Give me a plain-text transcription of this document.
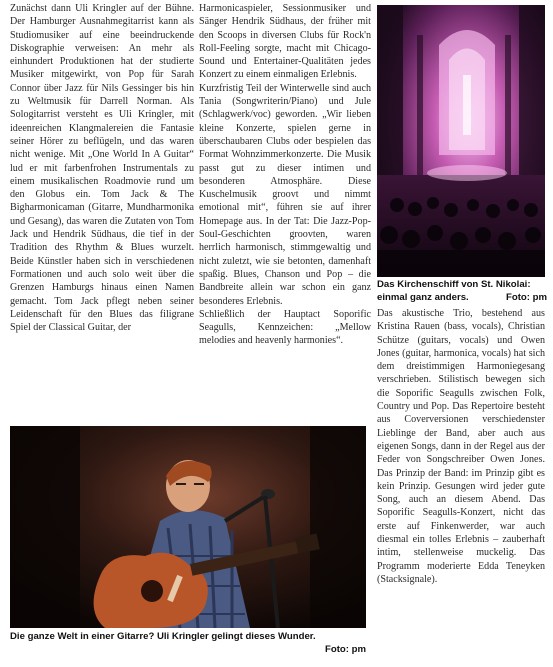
Zunächst dann Uli Kringler auf der Bühne. Der Hamburger Ausnahmegitarrist kann als Studiomusiker auf eine beeindruckende Diskographie verweisen: An mehr als einhundert Produktionen hat der studierte Musiker mitgewirkt, von Pop für Sarah Connor über Jazz für Nils Gessinger bis hin zu Weltmusik für Darrell Norman. Als Sologitarrist versteht es Uli Kringler, mit ideenreichen Klangmalereien die Fantasie seiner Hörer zu beflügeln, und das waren nicht wenige. Mit „One World In A Guitar“ lud er mit farbenfrohen Instrumentals zu einem musikalischen Roadmovie rund um den Globus ein. Tom Jack & The Bigharmonicaman (Gitarre, Mundharmonika und Gesang), das waren die Zutaten von Tom Jack und Hendrik Südhaus, die tief in der Tradition des Rhythm & Blues wurzelt. Beide Künstler haben sich in verschiedenen Formationen und auch solo weit über die Grenzen Hamburgs hinaus einen Namen gemacht. Tom Jack pflegt neben seiner Leidenschaft für den Blues das filigrane Spiel der Classical Guitar, der

Harmonicaspieler, Sessionmusiker und Sänger Hendrik Südhaus, der früher mit den Scoops in diversen Clubs für Rock'n Roll-Feeling sorgte, macht mit Chicago-Sound und Entertainer-Qualitäten jedes Konzert zu einem einmaligen Erlebnis.

Kurzfristig Teil der Winterwelle sind auch Tania (Songwriterin/Piano) und Jule (Schlagwerk/voc) geworden. „Wir lieben kleine Konzerte, spielen gerne in überschaubaren Clubs oder bespielen das Format Wohnzimmerkonzerte. Die Musik passt gut zu dieser intimen und besonderen Atmosphäre. Diese Kuschelmusik groovt und nimmt emotional mit“, führen sie auf ihrer Homepage aus. In der Tat: Die Jazz-Pop-Soul-Geschichten groovten, waren herrlich harmonisch, stimmgewaltig und nicht zuletzt, wie sie betonten, damenhaft spaßig. Blues, Chanson und Pop – die Bandbreite allein war schon ein ganz besonderes Erlebnis.

Schließlich der Hauptact Soporific Seagulls, Kennzeichen: „Mellow melodies and heavenly harmonies“.

Das Kirchenschiff von St. Nikolai:
einmal ganz anders.	Foto: pm

Das akustische Trio, bestehend aus Kristina Rauen (bass, vocals), Christian Schütze (guitars, vocals) und Owen Jones (guitar, harmonica, vocals) hat sich dem dreistimmigen Harmoniegesang verschrieben. Stilistisch bewegen sich die Soporific Seagulls zwischen Folk, Country und Pop. Das Repertoire besteht aus Coverversionen verschiedenster Lieblinge der Band, aber auch aus eigenen Songs, dann in der Regel aus der Feder von Songschreiber Owen Jones. Das Prinzip der Band: im Prinzip gibt es kein Prinzip. Gesungen wird jeder gute Song, auch an diesem Abend. Das Soporific Seagulls-Konzert, nicht das erste auf Finkenwerder, war auch diesmal ein tolles Erlebnis – zauberhaft intim, stellenweise muckelig. Das Programm moderierte Edda Teneyken (Stacksignale).

Die ganze Welt in einer Gitarre? Uli Kringler gelingt dieses Wunder.
Foto: pm
